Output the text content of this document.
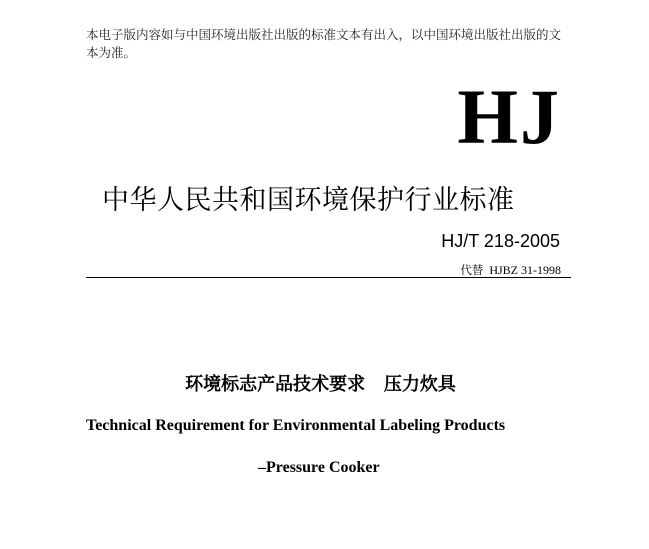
本电子版内容如与中国环境出版社出版的标准文本有出入，以中国环境出版社出版的文本为准。
HJ
中华人民共和国环境保护行业标准
HJ/T 218-2005
代替 HJBZ 31-1998
环境标志产品技术要求   压力炊具
Technical Requirement for Environmental Labeling Products
–Pressure Cooker
